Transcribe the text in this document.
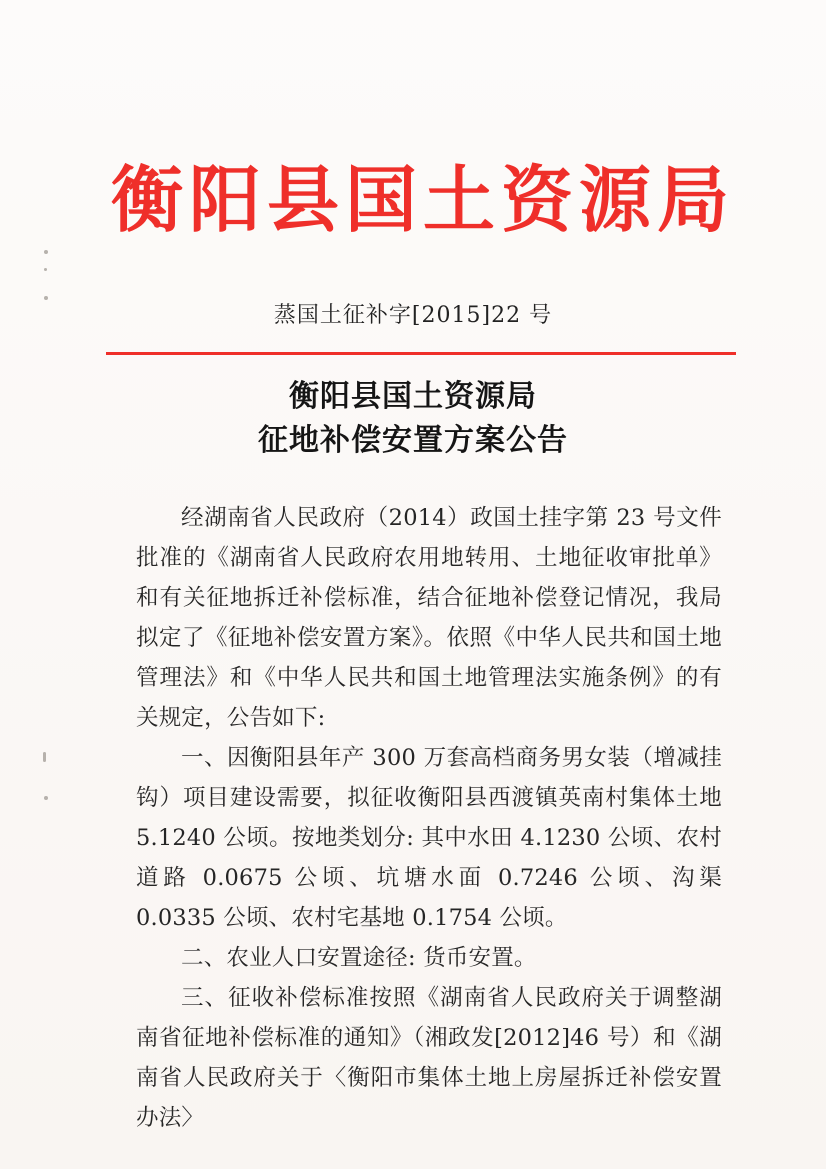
衡阳县国土资源局
蒸国土征补字[2015]22 号
衡阳县国土资源局
征地补偿安置方案公告

经湖南省人民政府（2014）政国土挂字第 23 号文件批准的《湖南省人民政府农用地转用、土地征收审批单》和有关征地拆迁补偿标准，结合征地补偿登记情况，我局拟定了《征地补偿安置方案》。依照《中华人民共和国土地管理法》和《中华人民共和国土地管理法实施条例》的有关规定，公告如下:

一、因衡阳县年产 300 万套高档商务男女装（增减挂钩）项目建设需要，拟征收衡阳县西渡镇英南村集体土地 5.1240 公顷。按地类划分: 其中水田 4.1230 公顷、农村道路 0.0675 公顷、坑塘水面 0.7246 公顷、沟渠 0.0335 公顷、农村宅基地 0.1754 公顷。

二、农业人口安置途径: 货币安置。

三、征收补偿标准按照《湖南省人民政府关于调整湖南省征地补偿标准的通知》（湘政发[2012]46 号）和《湖南省人民政府关于〈衡阳市集体土地上房屋拆迁补偿安置办法〉
